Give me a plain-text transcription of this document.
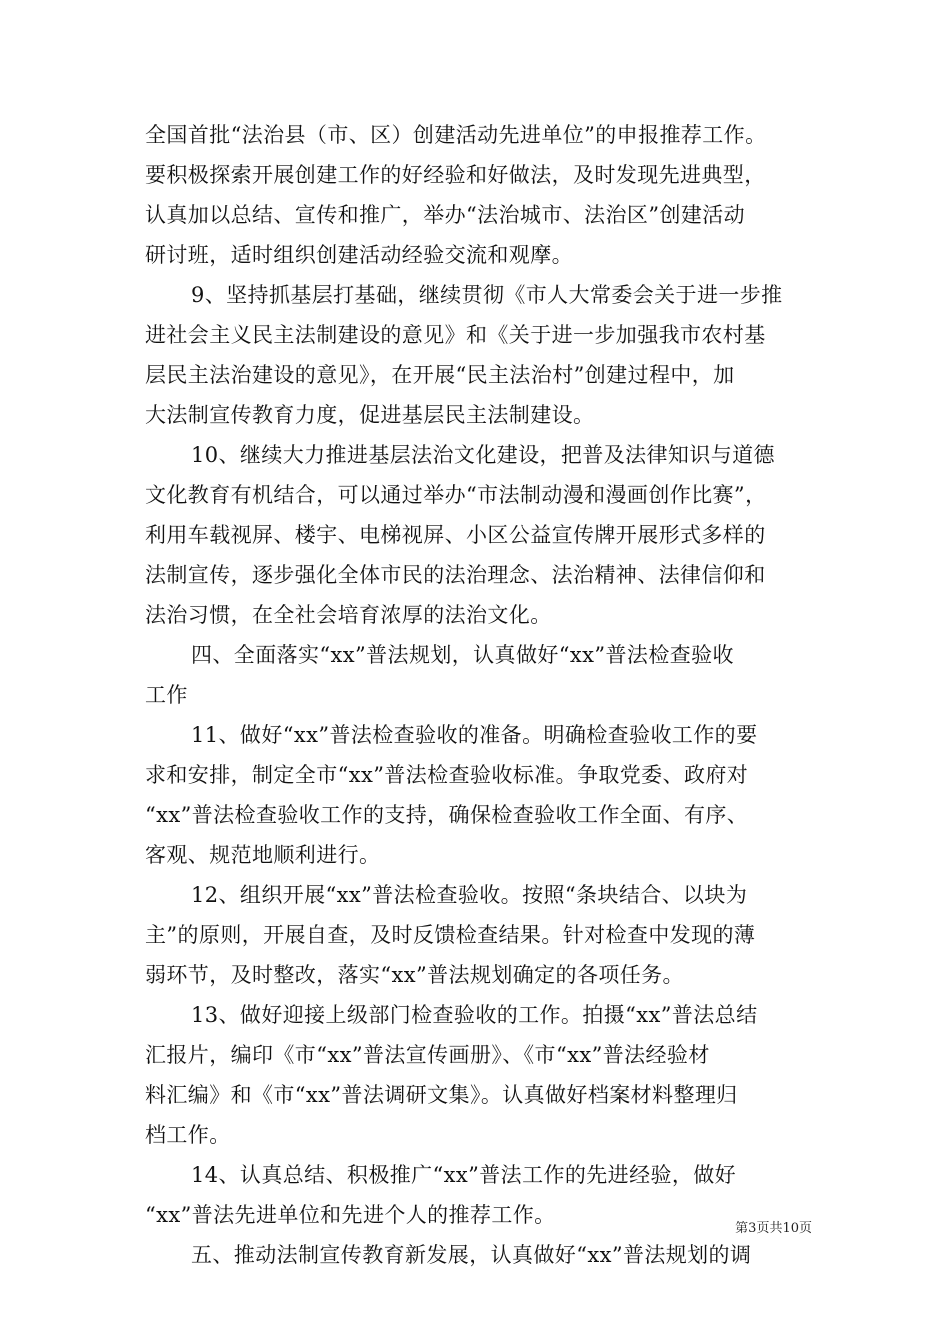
全国首批“法治县（市、区）创建活动先进单位”的申报推荐工作。
要积极探索开展创建工作的好经验和好做法，及时发现先进典型，
认真加以总结、宣传和推广，举办“法治城市、法治区”创建活动
研讨班，适时组织创建活动经验交流和观摩。
9、坚持抓基层打基础，继续贯彻《市人大常委会关于进一步推
进社会主义民主法制建设的意见》和《关于进一步加强我市农村基
层民主法治建设的意见》，在开展“民主法治村”创建过程中，加
大法制宣传教育力度，促进基层民主法制建设。
10、继续大力推进基层法治文化建设，把普及法律知识与道德
文化教育有机结合，可以通过举办“市法制动漫和漫画创作比赛”，
利用车载视屏、楼宇、电梯视屏、小区公益宣传牌开展形式多样的
法制宣传，逐步强化全体市民的法治理念、法治精神、法律信仰和
法治习惯，在全社会培育浓厚的法治文化。
四、全面落实“xx”普法规划，认真做好“xx”普法检查验收
工作
11、做好“xx”普法检查验收的准备。明确检查验收工作的要
求和安排，制定全市“xx”普法检查验收标准。争取党委、政府对
“xx”普法检查验收工作的支持，确保检查验收工作全面、有序、
客观、规范地顺利进行。
12、组织开展“xx”普法检查验收。按照“条块结合、以块为
主”的原则，开展自查，及时反馈检查结果。针对检查中发现的薄
弱环节，及时整改，落实“xx”普法规划确定的各项任务。
13、做好迎接上级部门检查验收的工作。拍摄“xx”普法总结
汇报片，编印《市“xx”普法宣传画册》、《市“xx”普法经验材
料汇编》和《市“xx”普法调研文集》。认真做好档案材料整理归
档工作。
14、认真总结、积极推广“xx”普法工作的先进经验，做好
“xx”普法先进单位和先进个人的推荐工作。
五、推动法制宣传教育新发展，认真做好“xx”普法规划的调
第3页共10页
